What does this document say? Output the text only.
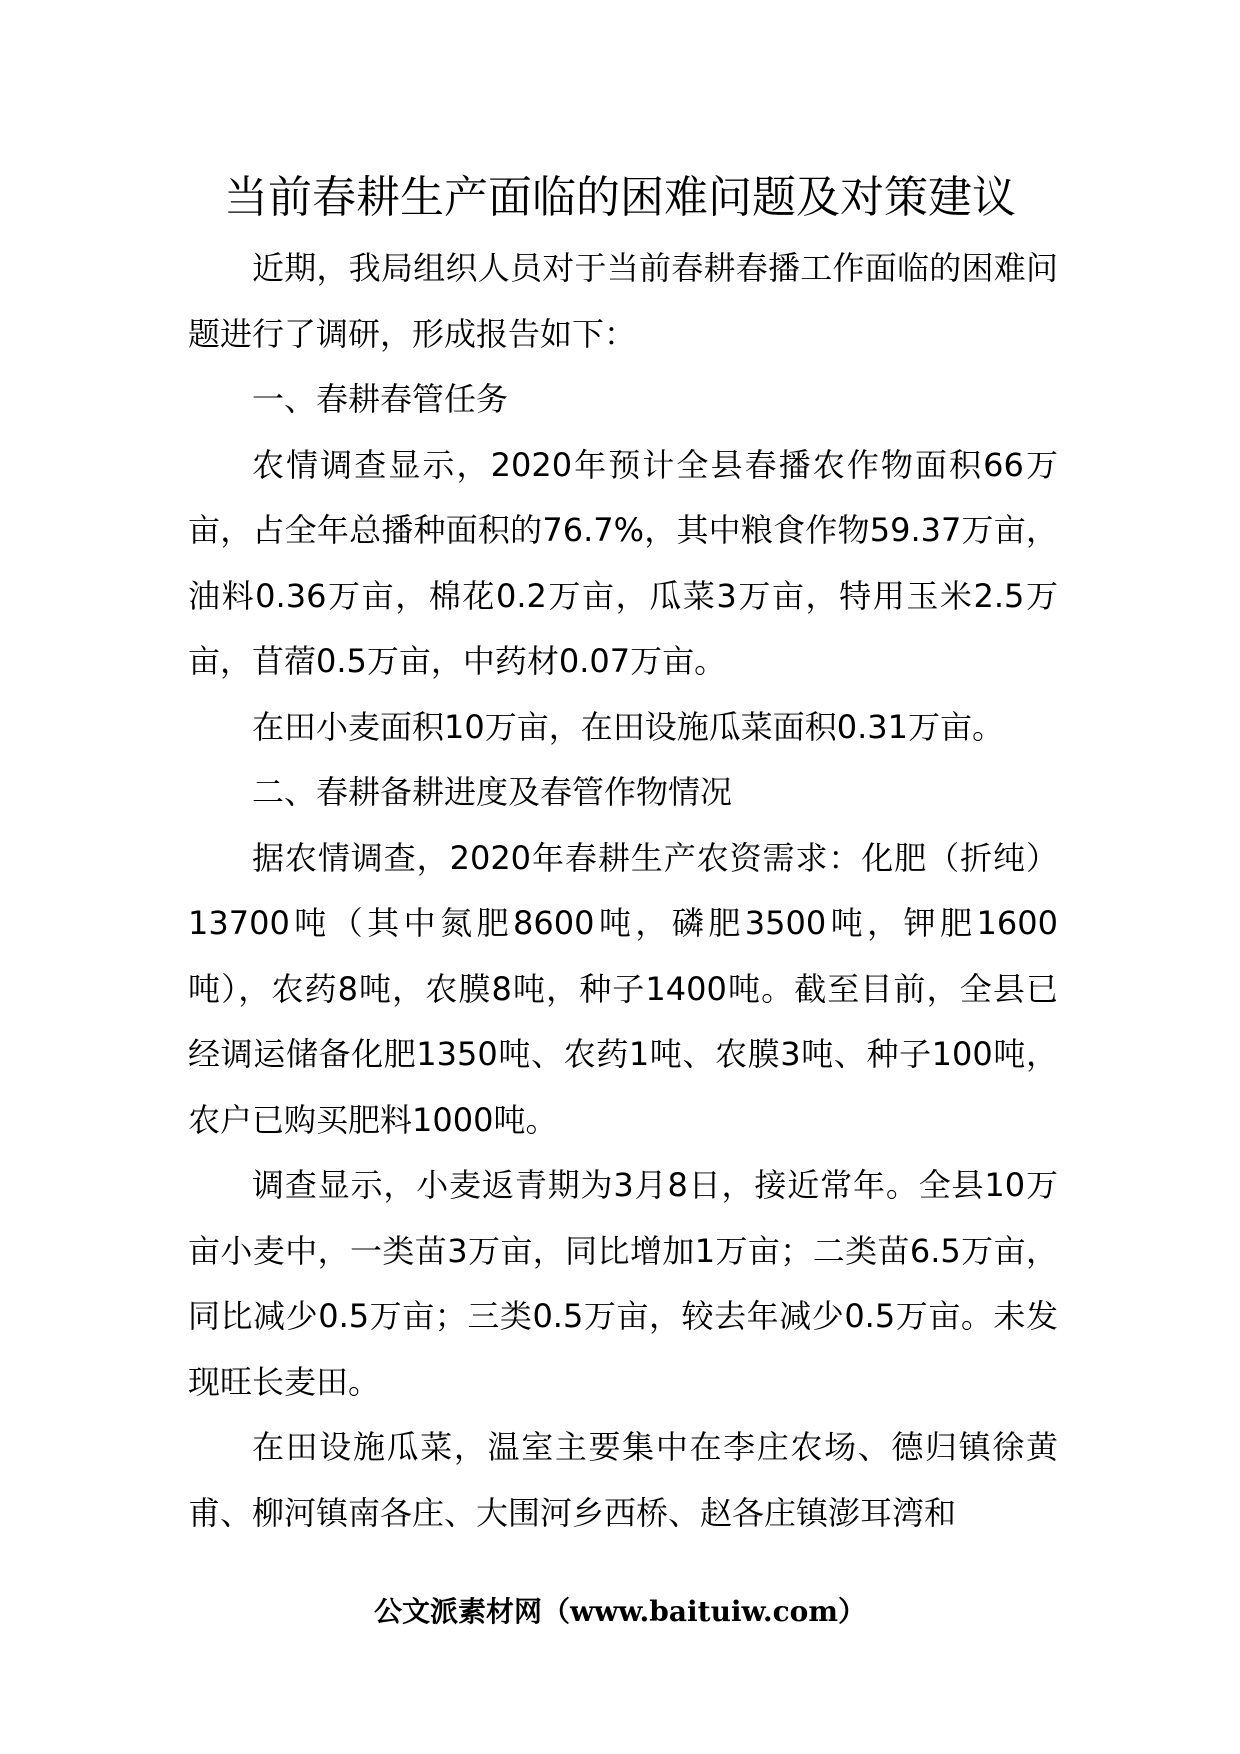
当前春耕生产面临的困难问题及对策建议

近期，我局组织人员对于当前春耕春播工作面临的困难问题进行了调研，形成报告如下：

一、春耕春管任务

农情调查显示，2020年预计全县春播农作物面积66万亩，占全年总播种面积的76.7%，其中粮食作物59.37万亩，油料0.36万亩，棉花0.2万亩，瓜菜3万亩，特用玉米2.5万亩，苜蓿0.5万亩，中药材0.07万亩。

在田小麦面积10万亩，在田设施瓜菜面积0.31万亩。

二、春耕备耕进度及春管作物情况

据农情调查，2020年春耕生产农资需求：化肥（折纯）13700吨（其中氮肥8600吨，磷肥3500吨，钾肥1600吨），农药8吨，农膜8吨，种子1400吨。截至目前，全县已经调运储备化肥1350吨、农药1吨、农膜3吨、种子100吨，农户已购买肥料1000吨。

调查显示，小麦返青期为3月8日，接近常年。全县10万亩小麦中，一类苗3万亩，同比增加1万亩；二类苗6.5万亩，同比减少0.5万亩；三类0.5万亩，较去年减少0.5万亩。未发现旺长麦田。

在田设施瓜菜，温室主要集中在李庄农场、德归镇徐黄甫、柳河镇南各庄、大围河乡西桥、赵各庄镇澎耳湾和

公文派素材网（www.baituiw.com）
